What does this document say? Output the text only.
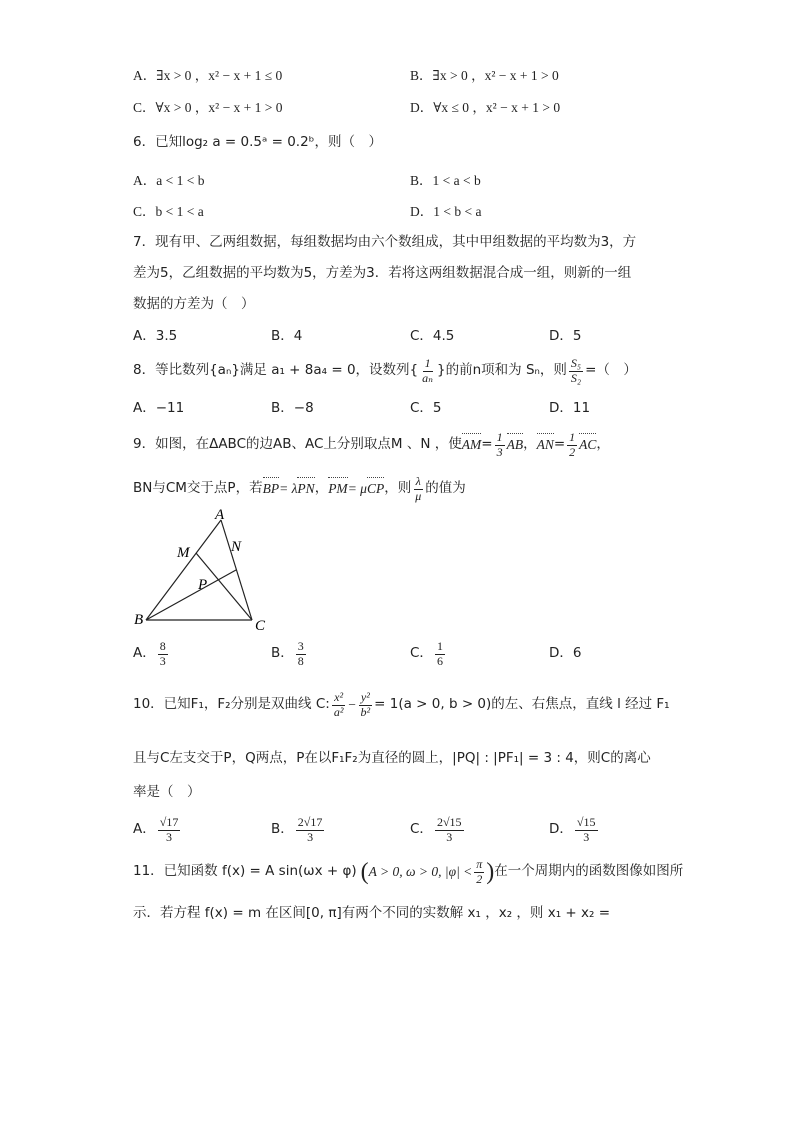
A．∃x > 0 ，x² − x + 1 ≤ 0	B．∃x > 0 ，x² − x + 1 > 0
C．∀x > 0 ，x² − x + 1 > 0	D．∀x ≤ 0 ，x² − x + 1 > 0
6．已知log₂ a = 0.5ᵃ = 0.2ᵇ，则（　）
A．a < 1 < b	B．1 < a < b
C．b < 1 < a	D．1 < b < a
7．现有甲、乙两组数据，每组数据均由六个数组成，其中甲组数据的平均数为3，方
差为5，乙组数据的平均数为5，方差为3．若将这两组数据混合成一组，则新的一组
数据的方差为（　）
A．3.5	B．4	C．4.5	D．5
8．等比数列{aₙ}满足 a₁ + 8a₄ = 0，设数列{ $\frac{1}{\text{aₙ}}$ }的前n项和为 Sₙ，则 $\frac{\text{S₅}}{\text{S₂}}$ =（　）
A．−11	B．−8	C．5	D．11
9．如图，在ΔABC的边AB、AC上分别取点M 、N ，使 AM = $\frac{1}{3}$ AB ， AN = $\frac{1}{2}$ AC ，
BN与CM交于点P，若 BP = λ PN ， PM = μ CP ，则 $\frac{\lambda}{\mu}$ 的值为
A
M	N
P
B	C
A． $\frac{8}{3}$	B． $\frac{3}{8}$	C． $\frac{1}{6}$	D．6
10．已知F₁，F₂分别是双曲线 C: $\frac{\text{x²}}{\text{a²}} - \frac{\text{y²}}{\text{b²}} = 1(a > 0$, b > 0)的左、右焦点，直线 l 经过 F₁
且与C左支交于P，Q两点，P在以F₁F₂为直径的圆上，|PQ| : |PF₁| = 3 : 4，则C的离心
率是（　）
A． $\frac{√17}{3}$	B． $\frac{2√17}{3}$	C． $\frac{2√15}{3}$	D． $\frac{√15}{3}$
11．已知函数 f(x) = A sin(ωx + φ) ( A > 0, ω > 0, $|\varphi| < \frac{\pi}{2}$ ) 在一个周期内的函数图像如图所
示．若方程 f(x) = m 在区间[0, π]有两个不同的实数解 x₁ ，x₂ ，则 x₁ + x₂ =
